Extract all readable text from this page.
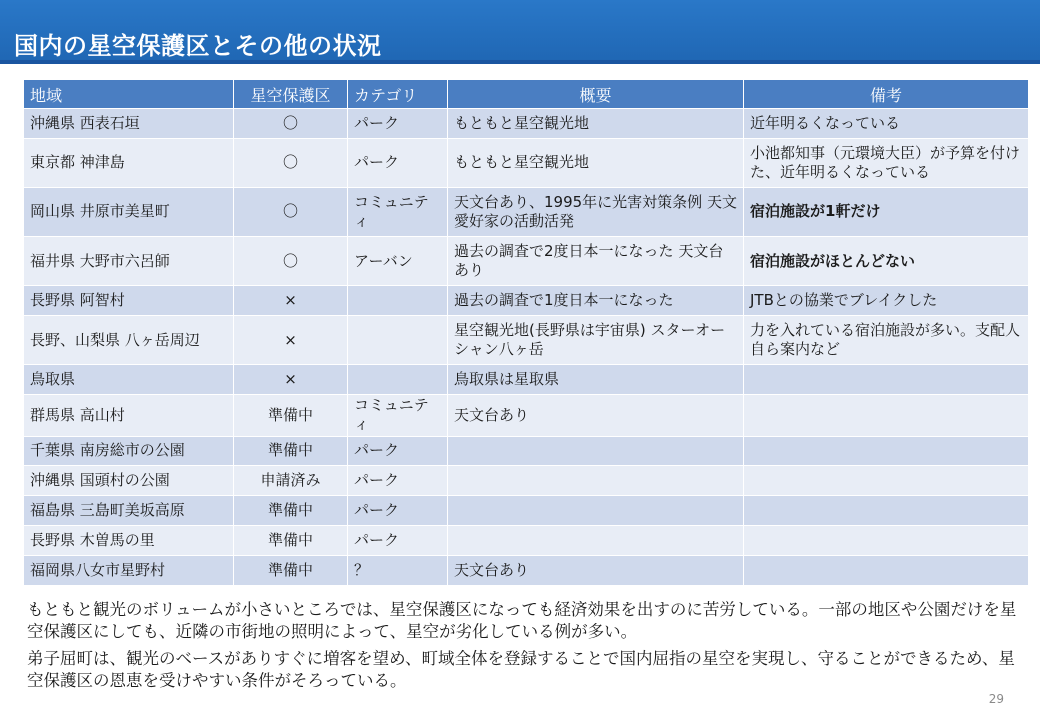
国内の星空保護区とその他の状況
地域	星空保護区	カテゴリ	概要	備考
沖縄県 西表石垣	〇	パーク	もともと星空観光地	近年明るくなっている
東京都 神津島	〇	パーク	もともと星空観光地	小池都知事（元環境大臣）が予算を付けた、近年明るくなっている
岡山県 井原市美星町	〇	コミュニティ	天文台あり、1995年に光害対策条例 天文愛好家の活動活発	宿泊施設が1軒だけ
福井県 大野市六呂師	〇	アーバン	過去の調査で2度日本一になった 天文台あり	宿泊施設がほとんどない
長野県 阿智村	×		過去の調査で1度日本一になった	JTBとの協業でブレイクした
長野、山梨県 八ヶ岳周辺	×		星空観光地(長野県は宇宙県) スターオーシャン八ヶ岳	力を入れている宿泊施設が多い。支配人自ら案内など
鳥取県	×		鳥取県は星取県	
群馬県 高山村	準備中	コミュニティ	天文台あり	
千葉県 南房総市の公園	準備中	パーク		
沖縄県 国頭村の公園	申請済み	パーク		
福島県 三島町美坂高原	準備中	パーク		
長野県 木曽馬の里	準備中	パーク		
福岡県八女市星野村	準備中	？	天文台あり	
もともと観光のボリュームが小さいところでは、星空保護区になっても経済効果を出すのに苦労している。一部の地区や公園だけを星空保護区にしても、近隣の市街地の照明によって、星空が劣化している例が多い。
弟子屈町は、観光のベースがありすぐに増客を望め、町域全体を登録することで国内屈指の星空を実現し、守ることができるため、星空保護区の恩恵を受けやすい条件がそろっている。
29
